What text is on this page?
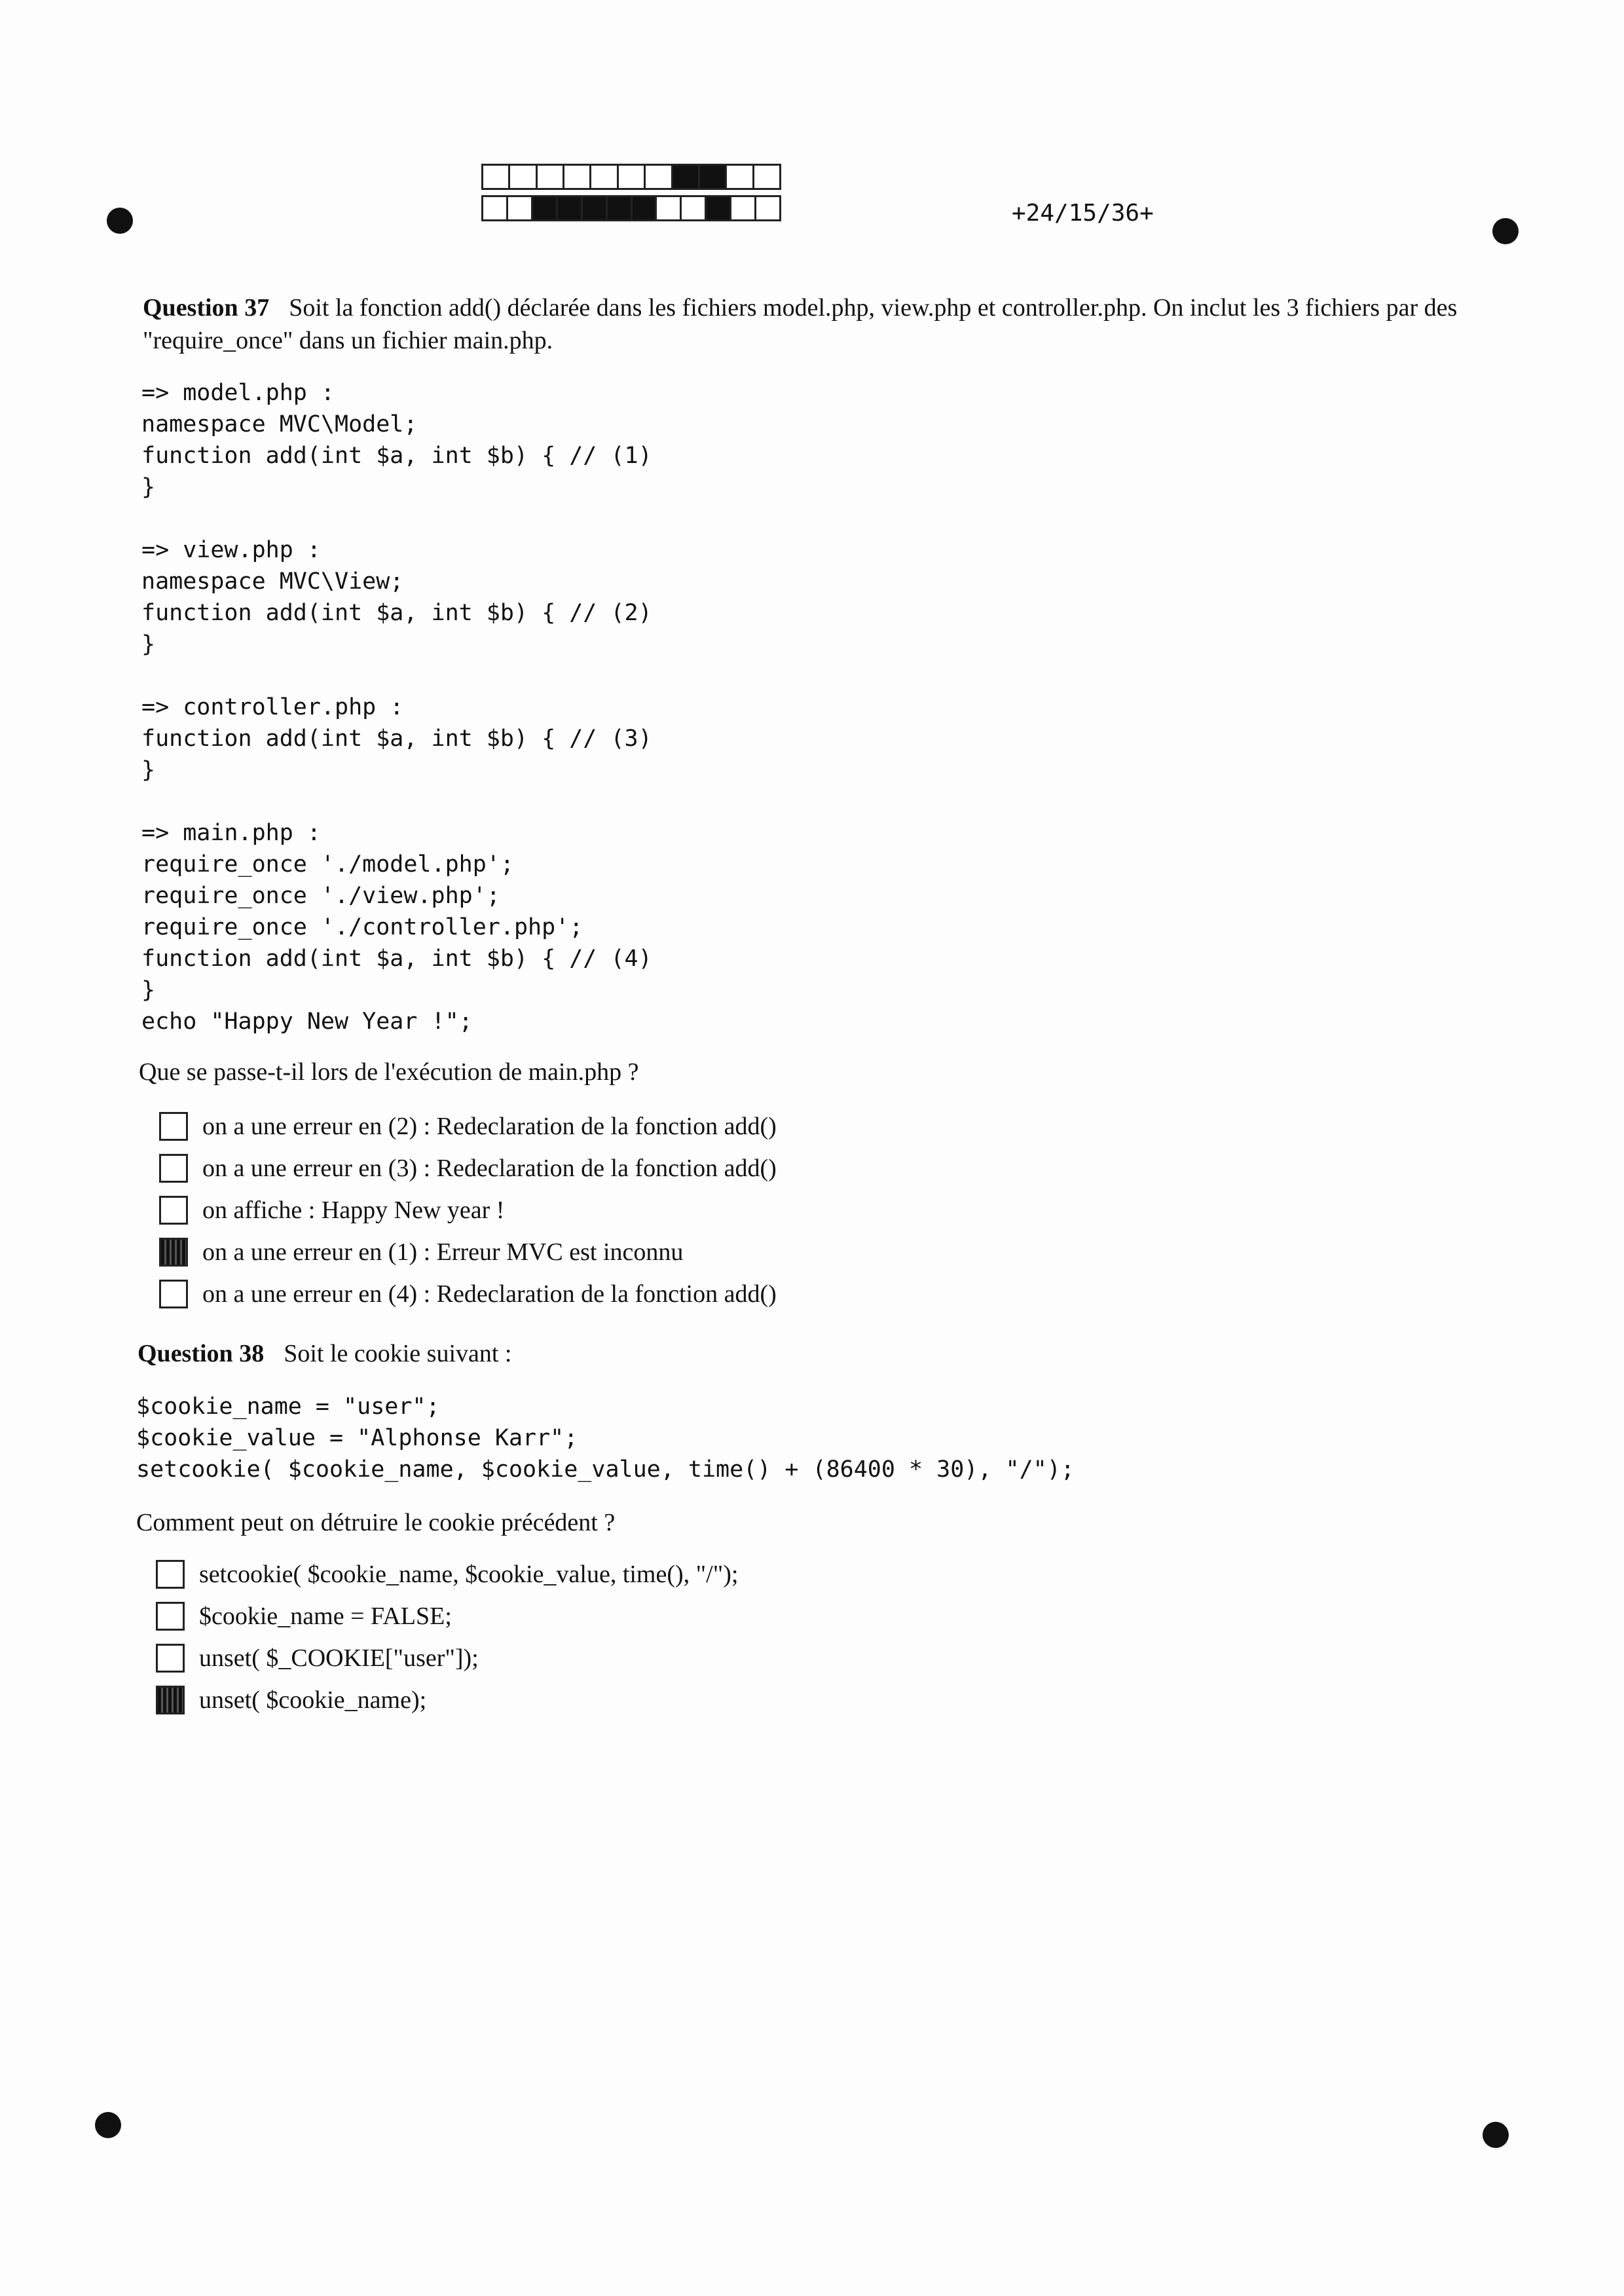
+24/15/36+
Question 37 Soit la fonction add() déclarée dans les fichiers model.php, view.php et controller.php. On inclut les 3 fichiers par des "require_once" dans un fichier main.php.
=> model.php :
namespace MVC\Model;
function add(int $a, int $b) { // (1)
}
=> view.php :
namespace MVC\View;
function add(int $a, int $b) { // (2)
}
=> controller.php :
function add(int $a, int $b) { // (3)
}
=> main.php :
require_once './model.php';
require_once './view.php';
require_once './controller.php';
function add(int $a, int $b) { // (4)
}
echo "Happy New Year !";
Que se passe-t-il lors de l'exécution de main.php ?
on a une erreur en (2) : Redeclaration de la fonction add()
on a une erreur en (3) : Redeclaration de la fonction add()
on affiche : Happy New year !
on a une erreur en (1) : Erreur MVC est inconnu
on a une erreur en (4) : Redeclaration de la fonction add()
Question 38 Soit le cookie suivant :
$cookie_name = "user";
$cookie_value = "Alphonse Karr";
setcookie( $cookie_name, $cookie_value, time() + (86400 * 30), "/");
Comment peut on détruire le cookie précédent ?
setcookie( $cookie_name, $cookie_value, time(), "/");
$cookie_name = FALSE;
unset( $_COOKIE["user"]);
unset( $cookie_name);
